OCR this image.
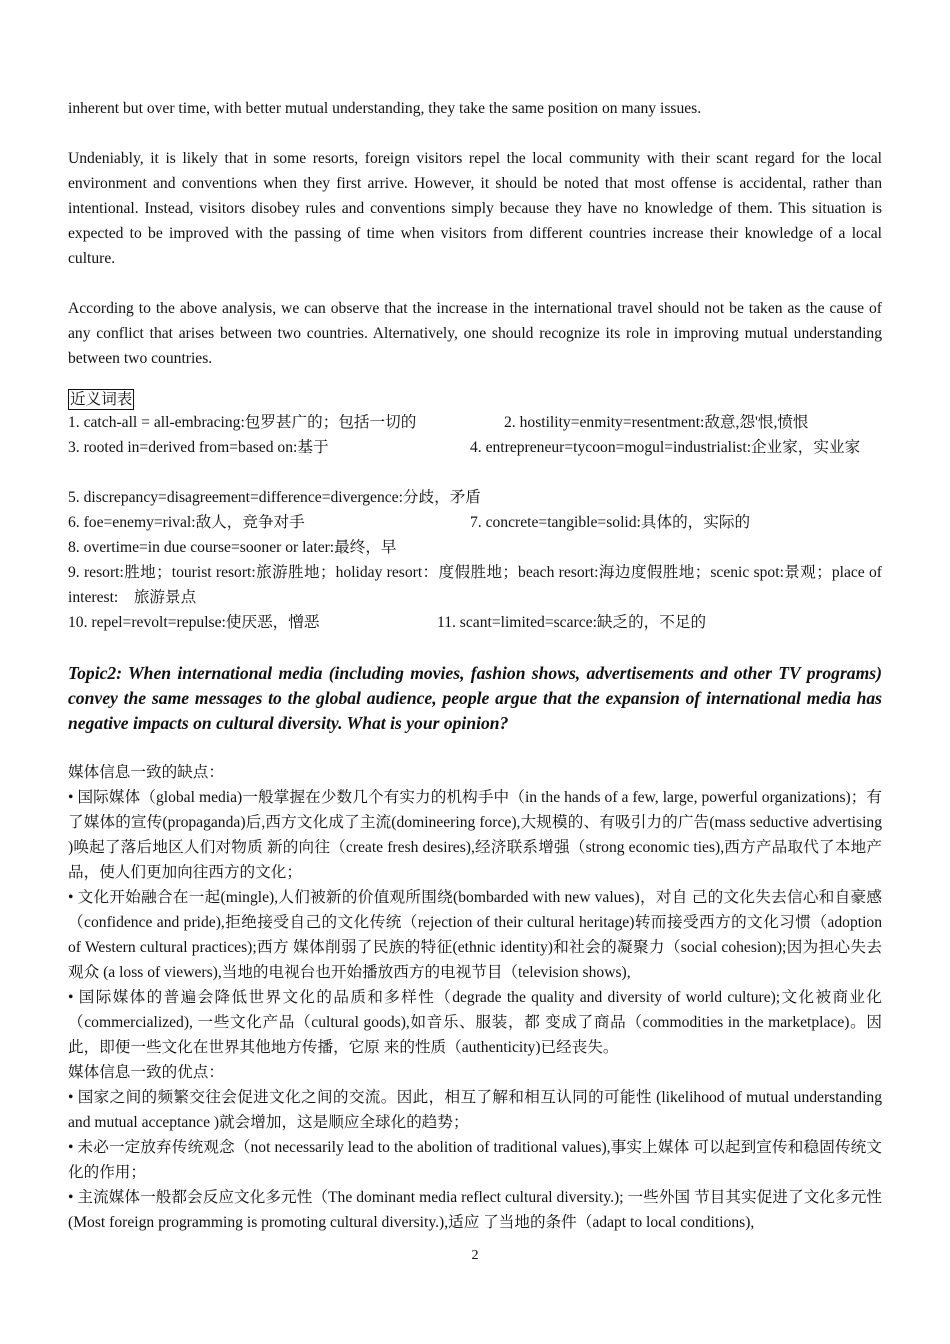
inherent but over time, with better mutual understanding, they take the same position on many issues.

Undeniably, it is likely that in some resorts, foreign visitors repel the local community with their scant regard for the local environment and conventions when they first arrive. However, it should be noted that most offense is accidental, rather than intentional. Instead, visitors disobey rules and conventions simply because they have no knowledge of them. This situation is expected to be improved with the passing of time when visitors from different countries increase their knowledge of a local culture.

According to the above analysis, we can observe that the increase in the international travel should not be taken as the cause of any conflict that arises between two countries. Alternatively, one should recognize its role in improving mutual understanding between two countries.

近义词表
1. catch-all = all-embracing:包罗甚广的；包括一切的	2. hostility=enmity=resentment:敌意,怨'恨,愤恨
3. rooted in=derived from=based on:基于	4. entrepreneur=tycoon=mogul=industrialist:企业家，实业家
5. discrepancy=disagreement=difference=divergence:分歧，矛盾
6. foe=enemy=rival:敌人，竞争对手	7. concrete=tangible=solid:具体的，实际的
8. overtime=in due course=sooner or later:最终，早
9. resort:胜地；tourist resort:旅游胜地；holiday resort：度假胜地；beach resort:海边度假胜地；scenic spot:景观；place of interest:　旅游景点
10. repel=revolt=repulse:使厌恶，憎恶	11. scant=limited=scarce:缺乏的，不足的
Topic2: When international media (including movies, fashion shows, advertisements and other TV programs) convey the same messages to the global audience, people argue that the expansion of international media has negative impacts on cultural diversity. What is your opinion?

媒体信息一致的缺点：

• 国际媒体（global media)一般掌握在少数几个有实力的机构手中（in the hands of a few, large, powerful organizations)；有了媒体的宣传(propaganda)后,西方文化成了主流(domineering force),大规模的、有吸引力的广告(mass seductive advertising )唤起了落后地区人们对物质 新的向往（create fresh desires),经济联系增强（strong economic ties),西方产品取代了本地产 品，使人们更加向往西方的文化；

• 文化开始融合在一起(mingle),人们被新的价值观所围绕(bombarded with new values)，对自 己的文化失去信心和自豪感（confidence and pride),拒绝接受自己的文化传统（rejection of their cultural heritage)转而接受西方的文化习惯（adoption of Western cultural practices);西方 媒体削弱了民族的特征(ethnic identity)和社会的凝聚力（social cohesion);因为担心失去观众 (a loss of viewers),当地的电视台也开始播放西方的电视节目（television shows),

• 国际媒体的普遍会降低世界文化的品质和多样性（degrade the quality and diversity of world culture);文化被商业化（commercialized), 一些文化产品（cultural goods),如音乐、服装，都 变成了商品（commodities in the marketplace)。因此，即便一些文化在世界其他地方传播，它原 来的性质（authenticity)已经丧失。

媒体信息一致的优点：

• 国家之间的频繁交往会促进文化之间的交流。因此，相互了解和相互认同的可能性 (likelihood of mutual understanding and mutual acceptance )就会增加，这是顺应全球化的趋势；

• 未必一定放弃传统观念（not necessarily lead to the abolition of traditional values),事实上媒体 可以起到宣传和稳固传统文化的作用；

• 主流媒体一般都会反应文化多元性（The dominant media reflect cultural diversity.); 一些外国 节目其实促进了文化多元性(Most foreign programming is promoting cultural diversity.),适应 了当地的条件（adapt to local conditions),

2
